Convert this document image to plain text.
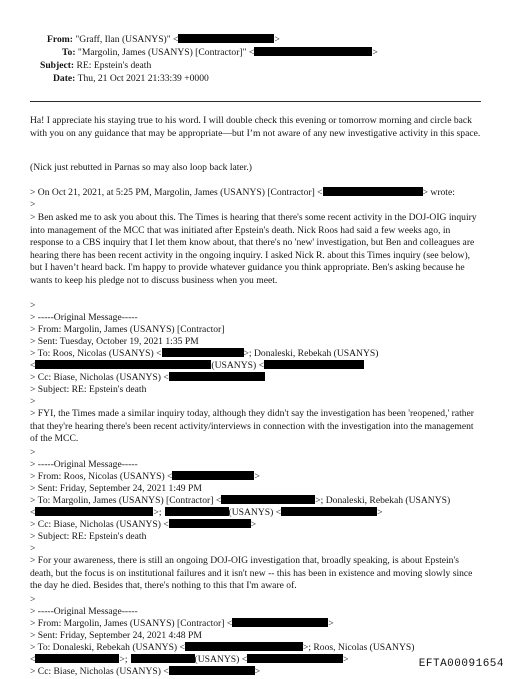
From: "Graff, Ilan (USANYS)" <	>
To: "Margolin, James (USANYS) [Contractor]" <	>
Subject: RE: Epstein's death
Date: Thu, 21 Oct 2021 21:33:39 +0000
Ha! I appreciate his staying true to his word. I will double check this evening or tomorrow morning and circle back with you on any guidance that may be appropriate—but I’m not aware of any new investigative activity in this space.
(Nick just rebutted in Parnas so may also loop back later.)
> On Oct 21, 2021, at 5:25 PM, Margolin, James (USANYS) [Contractor] <	> wrote:
>
> Ben asked me to ask you about this. The Times is hearing that there's some recent activity in the DOJ-OIG inquiry into management of the MCC that was initiated after Epstein's death. Nick Roos had said a few weeks ago, in response to a CBS inquiry that I let them know about, that there's no 'new' investigation, but Ben and colleagues are hearing there has been recent activity in the ongoing inquiry. I asked Nick R. about this Times inquiry (see below), but I haven’t heard back. I'm happy to provide whatever guidance you think appropriate. Ben's asking because he wants to keep his pledge not to discuss business when you meet.
>
> -----Original Message-----
> From: Margolin, James (USANYS) [Contractor]
> Sent: Tuesday, October 19, 2021 1:35 PM
> To: Roos, Nicolas (USANYS) <	>; Donaleski, Rebekah (USANYS)
<	(USANYS) <
> Cc: Biase, Nicholas (USANYS) <
> Subject: RE: Epstein's death
>
> FYI, the Times made a similar inquiry today, although they didn't say the investigation has been 'reopened,' rather that they're hearing there's been recent activity/interviews in connection with the investigation into the management of the MCC.
>
> -----Original Message-----
> From: Roos, Nicolas (USANYS) <	>
> Sent: Friday, September 24, 2021 1:49 PM
> To: Margolin, James (USANYS) [Contractor] <	>; Donaleski, Rebekah (USANYS)
<	>;	(USANYS) <	>
> Cc: Biase, Nicholas (USANYS) <	>
> Subject: RE: Epstein's death
>
> For your awareness, there is still an ongoing DOJ-OIG investigation that, broadly speaking, is about Epstein's death, but the focus is on institutional failures and it isn't new -- this has been in existence and moving slowly since the day he died. Besides that, there's nothing to this that I'm aware of.
>
> -----Original Message-----
> From: Margolin, James (USANYS) [Contractor] <	>
> Sent: Friday, September 24, 2021 4:48 PM
> To: Donaleski, Rebekah (USANYS) <	>; Roos, Nicolas (USANYS)
<	>;	(USANYS) <	>
> Cc: Biase, Nicholas (USANYS) <	>
EFTA00091654
